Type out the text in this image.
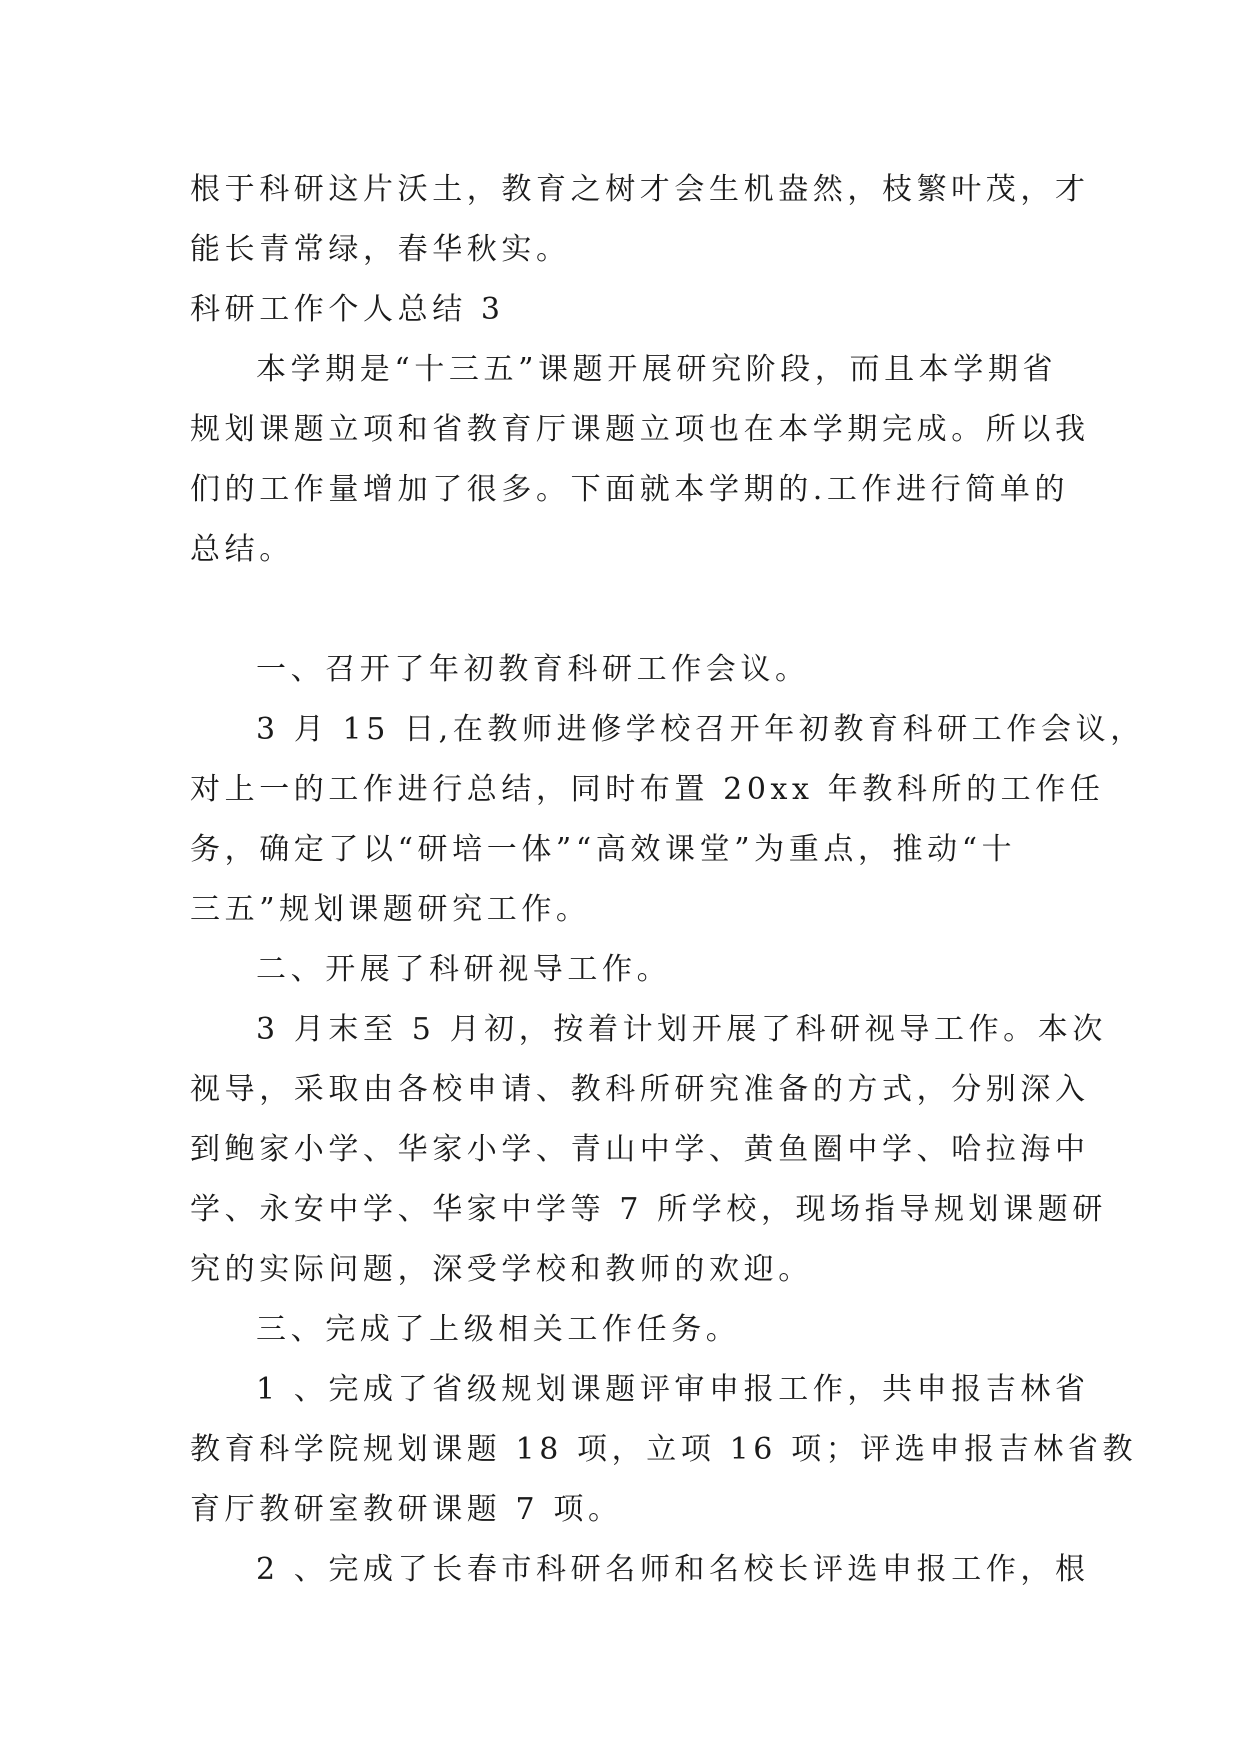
根于科研这片沃土，教育之树才会生机盎然，枝繁叶茂，才
能长青常绿，春华秋实。
科研工作个人总结 3
本学期是“十三五”课题开展研究阶段，而且本学期省
规划课题立项和省教育厅课题立项也在本学期完成。所以我
们的工作量增加了很多。下面就本学期的.工作进行简单的
总结。
一、召开了年初教育科研工作会议。
3 月 15 日,在教师进修学校召开年初教育科研工作会议，
对上一的工作进行总结，同时布置 20xx 年教科所的工作任
务，确定了以“研培一体”“高效课堂”为重点，推动“十
三五”规划课题研究工作。
二、开展了科研视导工作。
3 月末至 5 月初，按着计划开展了科研视导工作。本次
视导，采取由各校申请、教科所研究准备的方式，分别深入
到鲍家小学、华家小学、青山中学、黄鱼圈中学、哈拉海中
学、永安中学、华家中学等 7 所学校，现场指导规划课题研
究的实际问题，深受学校和教师的欢迎。
三、完成了上级相关工作任务。
1 、完成了省级规划课题评审申报工作，共申报吉林省
教育科学院规划课题 18 项，立项 16 项；评选申报吉林省教
育厅教研室教研课题 7 项。
2 、完成了长春市科研名师和名校长评选申报工作，根
